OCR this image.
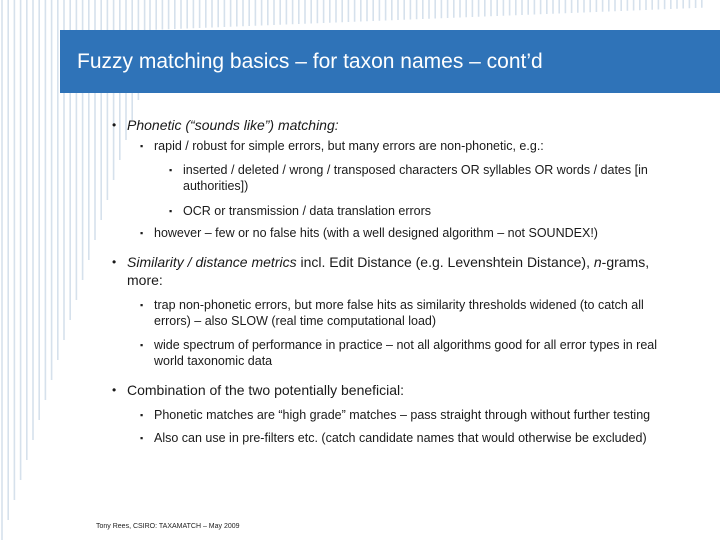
Fuzzy matching basics – for taxon names – cont’d
• Phonetic (“sounds like”) matching:
▪ rapid / robust for simple errors, but many errors are non-phonetic, e.g.:
▪ inserted / deleted / wrong / transposed characters OR syllables OR words / dates [in authorities])
▪ OCR or transmission / data translation errors
▪ however – few or no false hits (with a well designed algorithm – not SOUNDEX!)
• Similarity / distance metrics incl. Edit Distance (e.g. Levenshtein Distance), n-grams, more:
▪ trap non-phonetic errors, but more false hits as similarity thresholds widened (to catch all errors) – also SLOW (real time computational load)
▪ wide spectrum of performance in practice – not all algorithms good for all error types in real world taxonomic data
• Combination of the two potentially beneficial:
▪ Phonetic matches are “high grade” matches – pass straight through without further testing
▪ Also can use in pre-filters etc. (catch candidate names that would otherwise be excluded)
Tony Rees, CSIRO: TAXAMATCH – May 2009
